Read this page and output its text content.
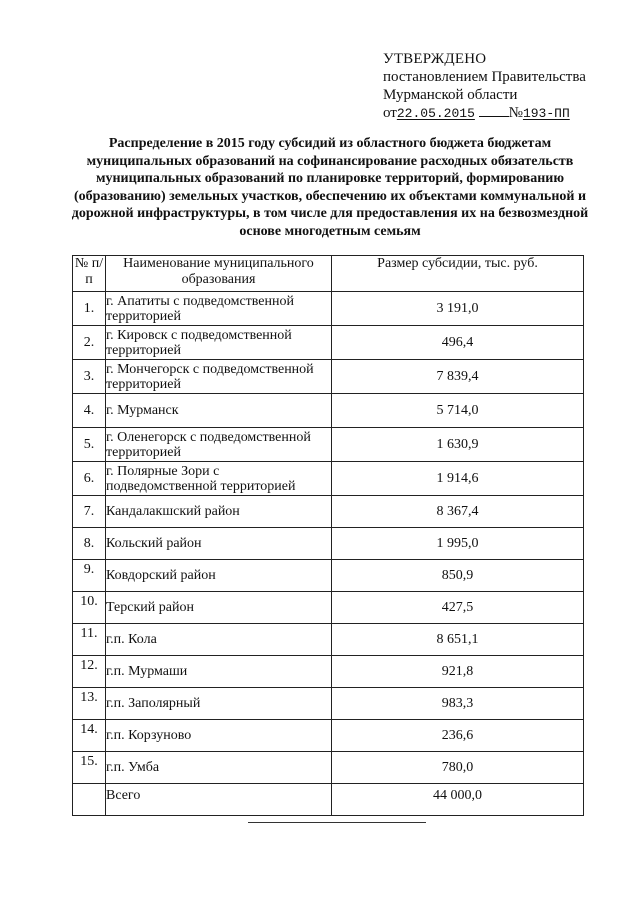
УТВЕРЖДЕНО
постановлением Правительства
Мурманской области
от22.05.2015 №193-ПП
Распределение в 2015 году субсидий из областного бюджета бюджетам муниципальных образований на софинансирование расходных обязательств муниципальных образований по планировке территорий, формированию (образованию) земельных участков, обеспечению их объектами коммунальной и дорожной инфраструктуры, в том числе для предоставления их на безвозмездной основе многодетным семьям
№ п/п	Наименование муниципального образования	Размер субсидии, тыс. руб.
1.	г. Апатиты с подведомственной территорией	3 191,0
2.	г. Кировск с подведомственной территорией	496,4
3.	г. Мончегорск с подведомственной территорией	7 839,4
4.	г. Мурманск	5 714,0
5.	г. Оленегорск с подведомственной территорией	1 630,9
6.	г. Полярные Зори с подведомственной территорией	1 914,6
7.	Кандалакшский район	8 367,4
8.	Кольский район	1 995,0
9.	Ковдорский район	850,9
10.	Терский район	427,5
11.	г.п. Кола	8 651,1
12.	г.п. Мурмаши	921,8
13.	г.п. Заполярный	983,3
14.	г.п. Корзуново	236,6
15.	г.п. Умба	780,0
	Всего	44 000,0
